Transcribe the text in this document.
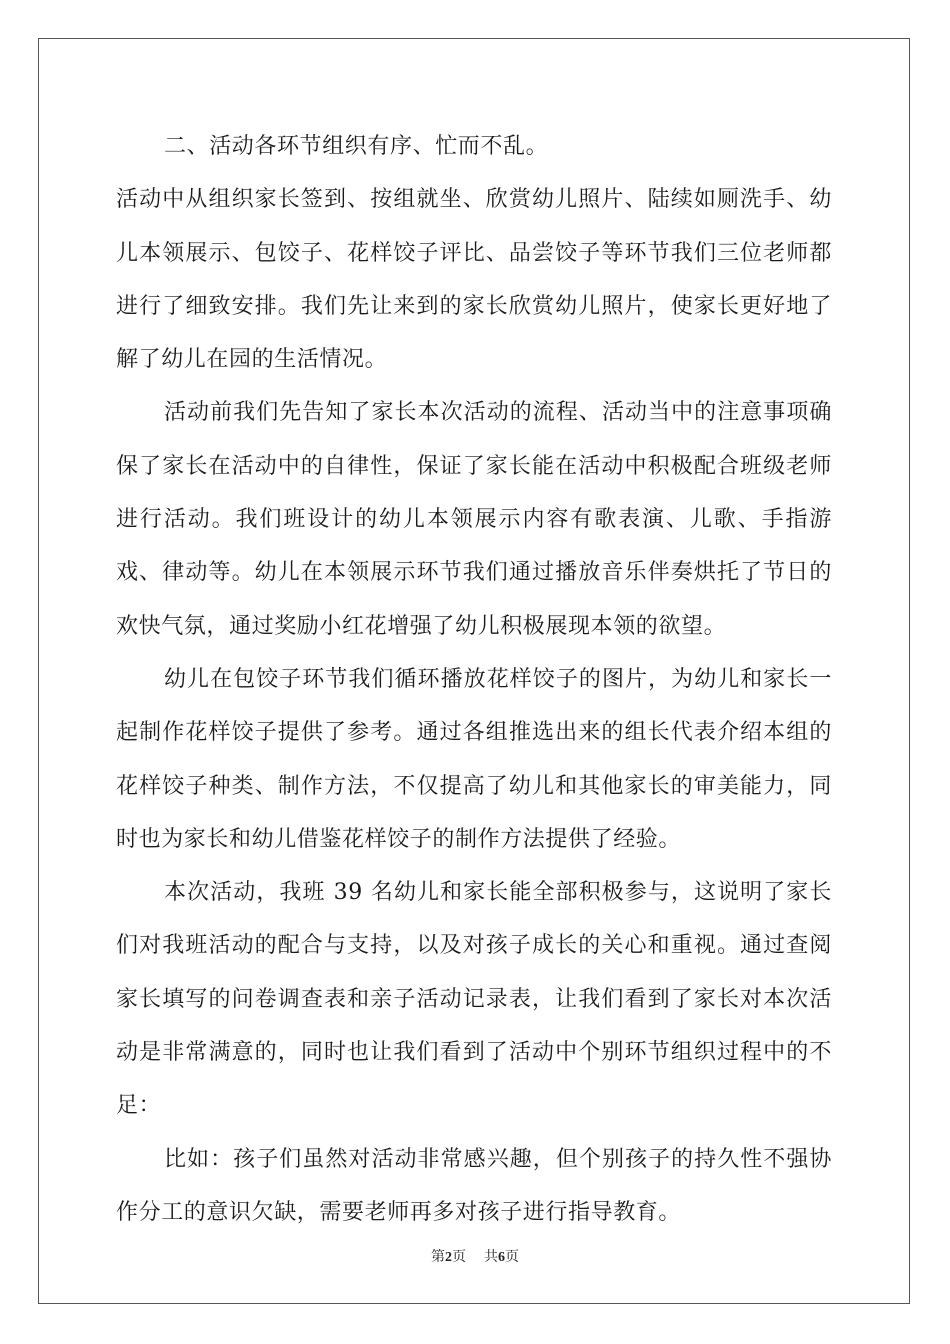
二、活动各环节组织有序、忙而不乱。

活动中从组织家长签到、按组就坐、欣赏幼儿照片、陆续如厕洗手、幼儿本领展示、包饺子、花样饺子评比、品尝饺子等环节我们三位老师都进行了细致安排。我们先让来到的家长欣赏幼儿照片，使家长更好地了解了幼儿在园的生活情况。

活动前我们先告知了家长本次活动的流程、活动当中的注意事项确保了家长在活动中的自律性，保证了家长能在活动中积极配合班级老师进行活动。我们班设计的幼儿本领展示内容有歌表演、儿歌、手指游戏、律动等。幼儿在本领展示环节我们通过播放音乐伴奏烘托了节日的欢快气氛，通过奖励小红花增强了幼儿积极展现本领的欲望。

幼儿在包饺子环节我们循环播放花样饺子的图片，为幼儿和家长一起制作花样饺子提供了参考。通过各组推选出来的组长代表介绍本组的花样饺子种类、制作方法，不仅提高了幼儿和其他家长的审美能力，同时也为家长和幼儿借鉴花样饺子的制作方法提供了经验。

本次活动，我班 39 名幼儿和家长能全部积极参与，这说明了家长们对我班活动的配合与支持，以及对孩子成长的关心和重视。通过查阅家长填写的问卷调查表和亲子活动记录表，让我们看到了家长对本次活动是非常满意的，同时也让我们看到了活动中个别环节组织过程中的不足：

比如：孩子们虽然对活动非常感兴趣，但个别孩子的持久性不强协作分工的意识欠缺，需要老师再多对孩子进行指导教育。

第2页 共6页
